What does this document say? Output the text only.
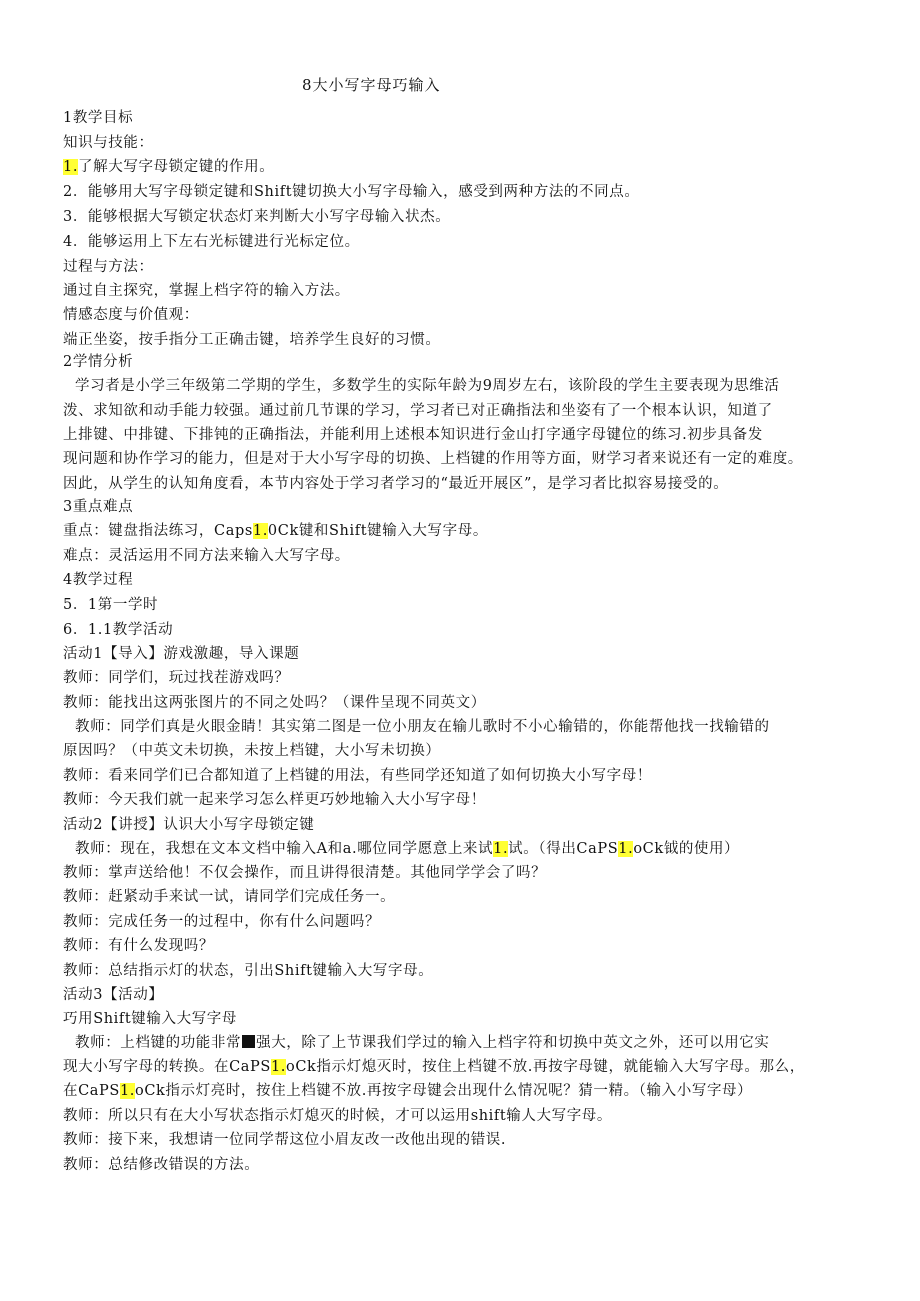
8大小写字母巧输入
1教学目标
知识与技能：
1.了解大写字母锁定键的作用。
2．能够用大写字母锁定键和Shift键切换大小写字母输入，感受到两种方法的不同点。
3．能够根据大写锁定状态灯来判断大小写字母输入状杰。
4．能够运用上下左右光标键进行光标定位。
过程与方法：
通过自主探究，掌握上档字符的输入方法。
情感态度与价值观：
端正坐姿，按手指分工正确击键，培养学生良好的习惯。
2学情分析
学习者是小学三年级第二学期的学生，多数学生的实际年龄为9周岁左右，该阶段的学生主要表现为思维活
泼、求知欲和动手能力较强。通过前几节课的学习，学习者已对正确指法和坐姿有了一个根本认识，知道了
上排键、中排键、下排钝的正确指法，并能利用上述根本知识进行金山打字通字母键位的练习.初步具备发
现问题和协作学习的能力，但是对于大小写字母的切换、上档键的作用等方面，财学习者来说还有一定的难度。
因此，从学生的认知角度看，本节内容处于学习者学习的“最近开展区”，是学习者比拟容易接受的。
3重点难点
重点：键盘指法练习，Caps1.0Ck键和Shift键输入大写字母。
难点：灵活运用不同方法来输入大写字母。
4教学过程
5．1第一学时
6．1.1教学活动
活动1【导入】游戏激趣，导入课题
教师：同学们，玩过找茬游戏吗？
教师：能找出这两张图片的不同之处吗？（课件呈现不同英文）
教师：同学们真是火眼金睛！其实第二图是一位小朋友在输儿歌时不小心输错的，你能帮他找一找输错的
原因吗？（中英文未切换，未按上档键，大小写未切换）
教师：看来同学们已合都知道了上档键的用法，有些同学还知道了如何切换大小写字母！
教师：今天我们就一起来学习怎么样更巧妙地输入大小写字母！
活动2【讲授】认识大小写字母锁定键
教师：现在，我想在文本文档中输入A和a.哪位同学愿意上来试1.试。（得出CaPS1.oCk钺的使用）
教师：掌声送给他！不仅会操作，而且讲得很清楚。其他同学学会了吗？
教师：赶紧动手来试一试，请同学们完成任务一。
教师：完成任务一的过程中，你有什么问题吗？
教师：有什么发现吗？
教师：总结指示灯的状态，引出Shift键输入大写字母。
活动3【活动】
巧用Shift键输入大写字母
教师：上档键的功能非常 强大，除了上节课我们学过的输入上档字符和切换中英文之外，还可以用它实
现大小写字母的转换。在CaPS1.oCk指示灯熄灭时，按住上档键不放.再按字母键，就能输入大写字母。那么，
在CaPS1.oCk指示灯亮时，按住上档键不放.再按字母键会出现什么情况呢？猜一精。（输入小写字母）
教师：所以只有在大小写状态指示灯熄灭的时候，才可以运用shift输人大写字母。
教师：接下来，我想请一位同学帮这位小眉友改一改他出现的错误.
教师：总结修改错误的方法。
